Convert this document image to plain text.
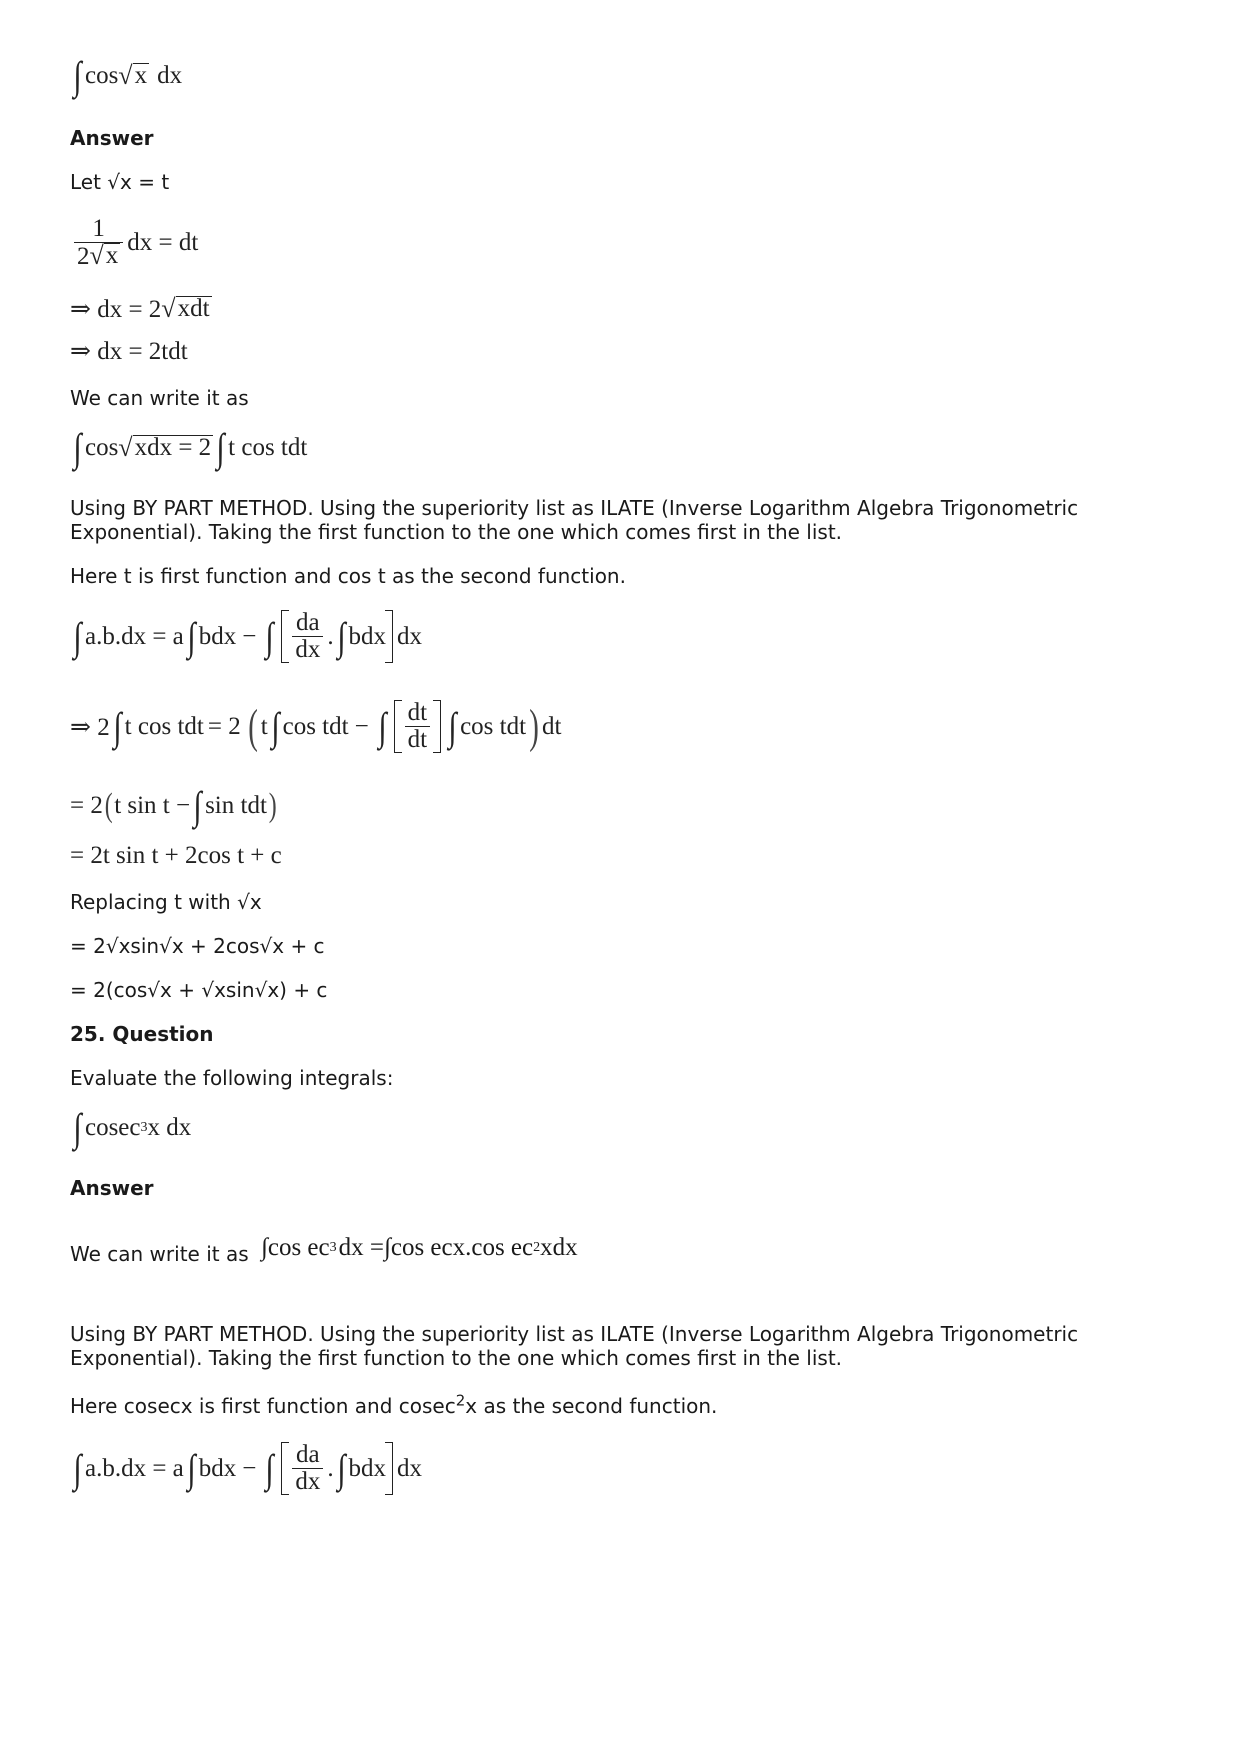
∫ cos √ x dx
Answer
Let √x = t
$\frac{1}{2 √ x}$ dx = dt
⇒ dx = 2 √ xdt
⇒ dx = 2tdt
We can write it as
∫ cos √ xdx = 2 ∫ t cos tdt
Using BY PART METHOD. Using the superiority list as ILATE (Inverse Logarithm Algebra Trigonometric Exponential). Taking the first function to the one which comes first in the list.
Here t is first function and cos t as the second function.
∫ a.b.dx = a ∫ bdx − ∫ $\frac{da}{dx}$ . ∫ bdx dx
⇒ 2 ∫ t cos tdt = 2 ( t ∫ cos tdt − ∫ $\frac{dt}{dt}$ ∫ cos tdt ) dt
= 2 ( t sin t − ∫ sin tdt )
= 2t sin t + 2cos t + c
Replacing t with √x
= 2√xsin√x + 2cos√x + c
= 2(cos√x + √xsin√x) + c
25. Question
Evaluate the following integrals:
∫ cosec 3 x dx
Answer
We can write it as ∫ cos ec 3 dx = ∫ cos ecx.cos ec 2 xdx
Using BY PART METHOD. Using the superiority list as ILATE (Inverse Logarithm Algebra Trigonometric Exponential). Taking the first function to the one which comes first in the list.
Here cosecx is first function and cosec$^2$x as the second function.
∫ a.b.dx = a ∫ bdx − ∫ $\frac{da}{dx}$ . ∫ bdx dx
